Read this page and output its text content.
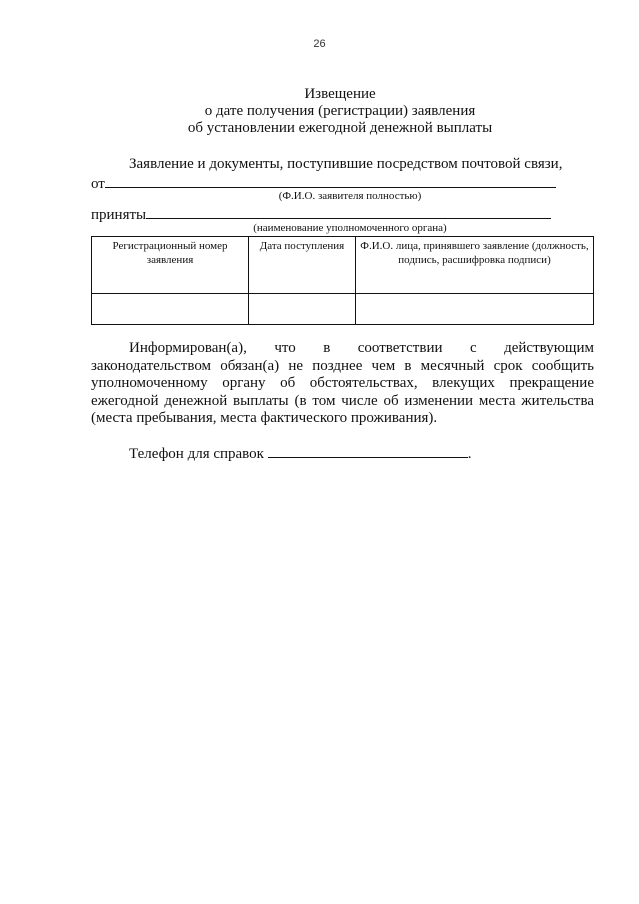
26
Извещение
о дате получения (регистрации) заявления
об установлении ежегодной денежной выплаты
Заявление и документы, поступившие посредством почтовой связи,
от
(Ф.И.О. заявителя полностью)
приняты
(наименование уполномоченного органа)
Регистрационный номер заявления	Дата поступления	Ф.И.О. лица, принявшего заявление (должность, подпись, расшифровка подписи)

Информирован(а), что в соответствии с действующим законодательством обязан(а) не позднее чем в месячный срок сообщить уполномоченному органу об обстоятельствах, влекущих прекращение ежегодной денежной выплаты (в том числе об изменении места жительства (места пребывания, места фактического проживания).
Телефон для справок	.
